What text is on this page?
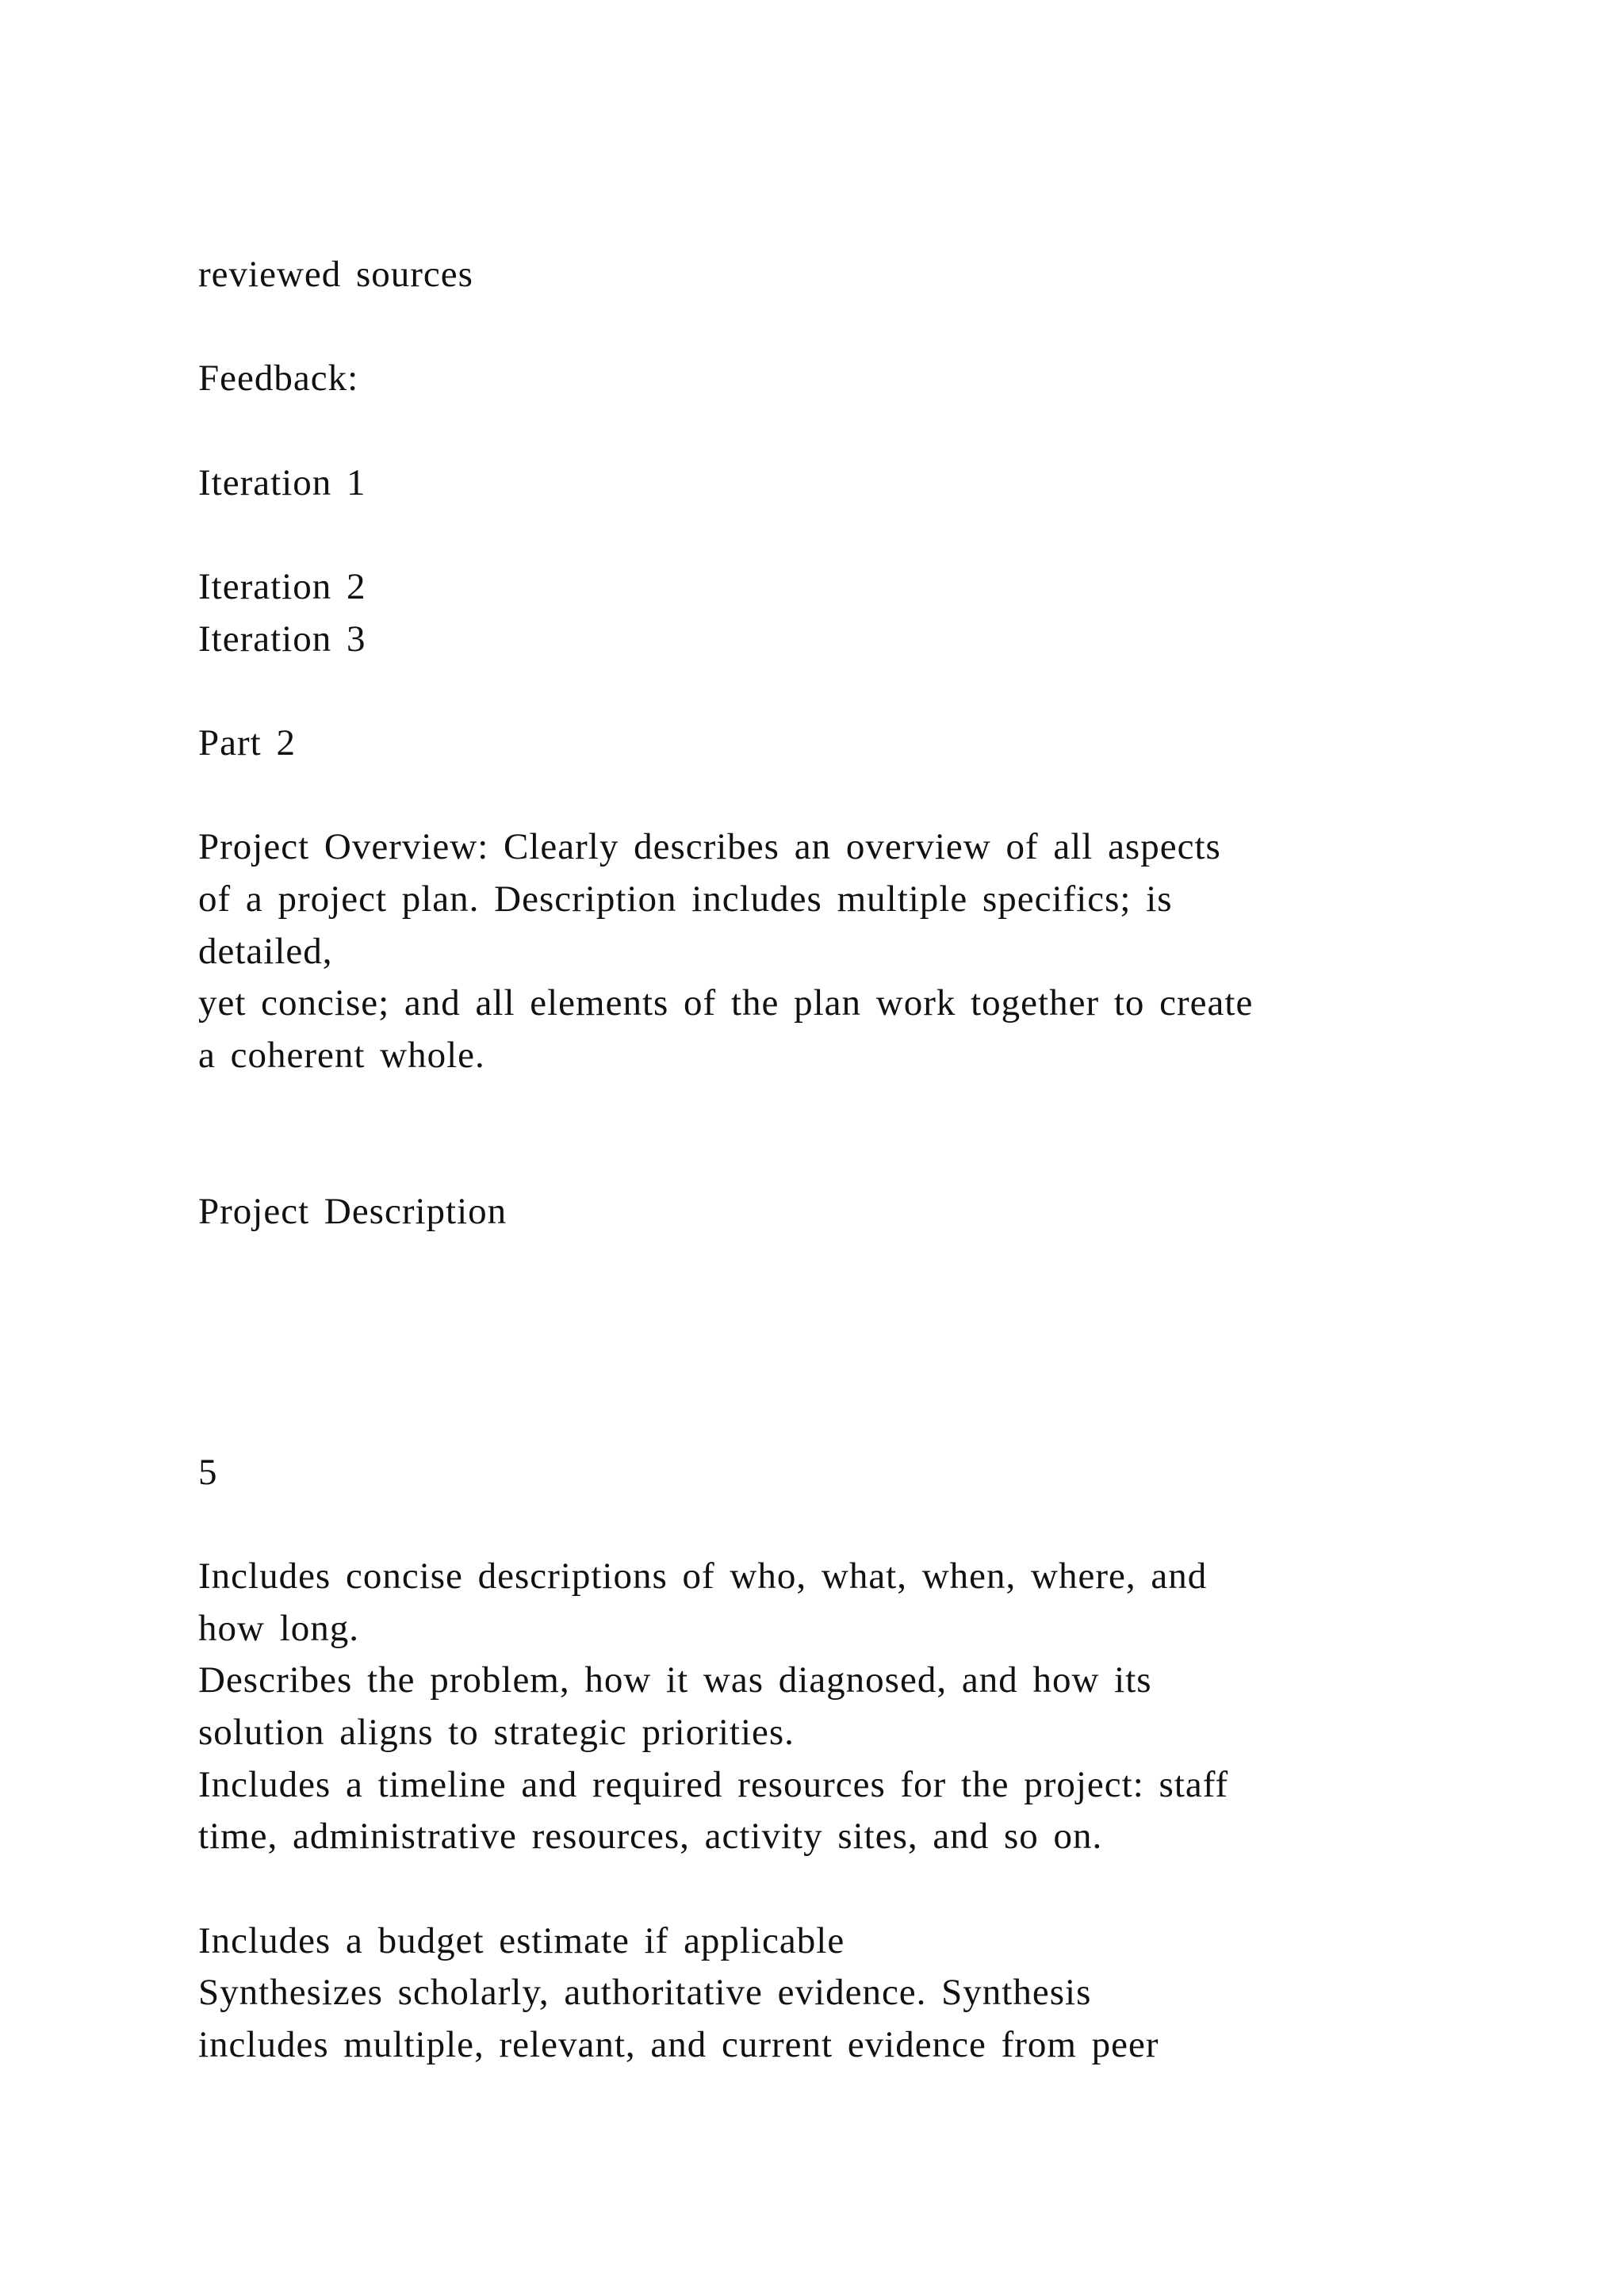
reviewed sources

Feedback:

Iteration 1

Iteration 2

Iteration 3

Part 2

Project Overview: Clearly describes an overview of all aspects

of a project plan. Description includes multiple specifics; is

detailed,

yet concise; and all elements of the plan work together to create

a coherent whole.

Project Description

5

Includes concise descriptions of who, what, when, where, and

how long.

Describes the problem, how it was diagnosed, and how its

solution aligns to strategic priorities.

Includes a timeline and required resources for the project: staff

time, administrative resources, activity sites, and so on.

Includes a budget estimate if applicable

Synthesizes scholarly, authoritative evidence. Synthesis

includes multiple, relevant, and current evidence from peer
